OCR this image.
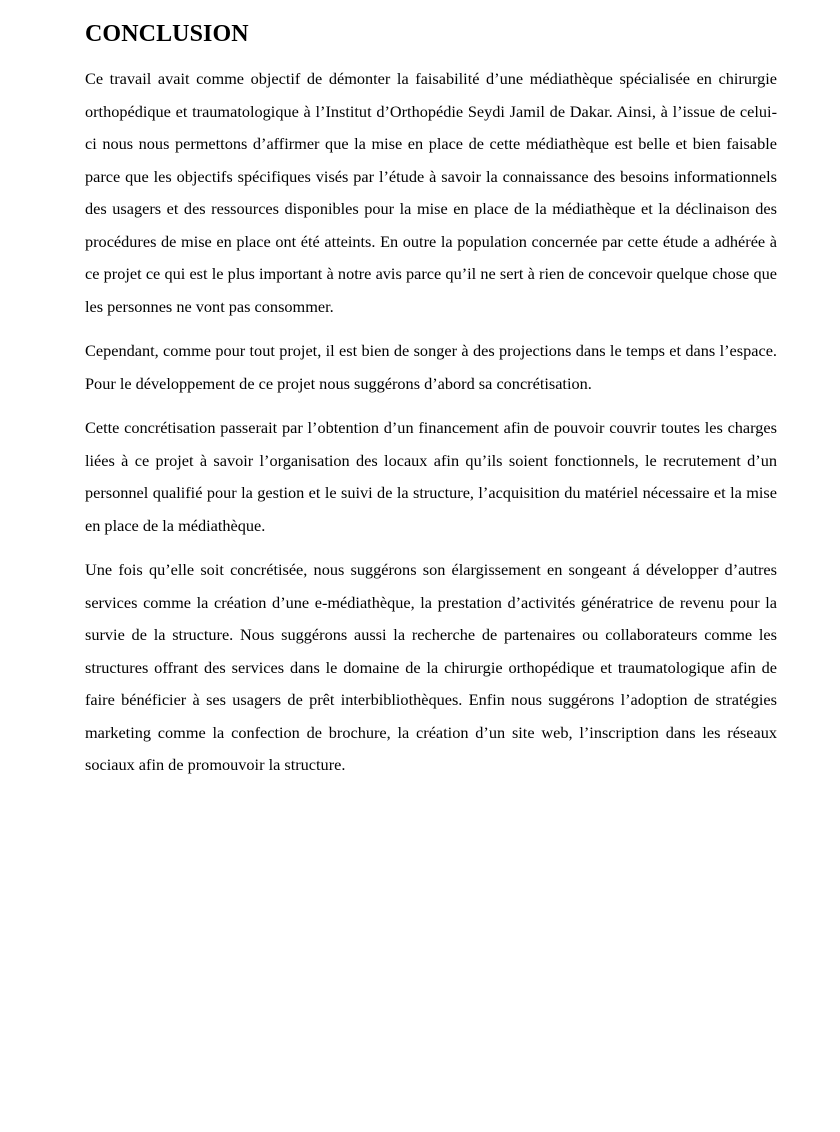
CONCLUSION

Ce travail avait comme objectif de démonter la faisabilité d’une médiathèque spécialisée en chirurgie orthopédique et traumatologique à l’Institut d’Orthopédie Seydi Jamil de Dakar. Ainsi, à l’issue de celui-ci nous nous permettons d’affirmer que la mise en place de cette médiathèque est belle et bien faisable parce que les objectifs spécifiques visés par l’étude à savoir la connaissance des besoins informationnels  des usagers et des ressources disponibles pour la mise en place de la médiathèque et la déclinaison des  procédures de mise en place ont été atteints. En outre la population concernée par cette étude a adhérée à ce projet ce qui est le plus important à notre avis parce qu’il ne sert à rien de concevoir quelque chose que les personnes ne vont pas consommer.

Cependant, comme pour tout projet, il est bien de songer à des projections dans le temps et dans l’espace. Pour le développement de ce projet nous suggérons d’abord sa concrétisation.

Cette concrétisation passerait par l’obtention d’un financement afin de pouvoir couvrir toutes les charges liées à ce projet à savoir l’organisation des locaux afin qu’ils soient fonctionnels, le recrutement d’un personnel qualifié pour la gestion et le suivi de la structure, l’acquisition du matériel nécessaire et la mise en place de la médiathèque.

Une fois qu’elle soit concrétisée, nous suggérons son élargissement en songeant á développer d’autres services comme la création d’une e-médiathèque, la prestation d’activités génératrice de revenu pour la survie de la structure. Nous suggérons aussi la recherche de partenaires ou collaborateurs comme les structures offrant des services dans le domaine de la chirurgie orthopédique et traumatologique afin de faire bénéficier à ses usagers de prêt interbibliothèques. Enfin nous suggérons l’adoption de stratégies marketing comme la confection de brochure, la création d’un site web, l’inscription dans les réseaux sociaux afin de promouvoir la structure.
